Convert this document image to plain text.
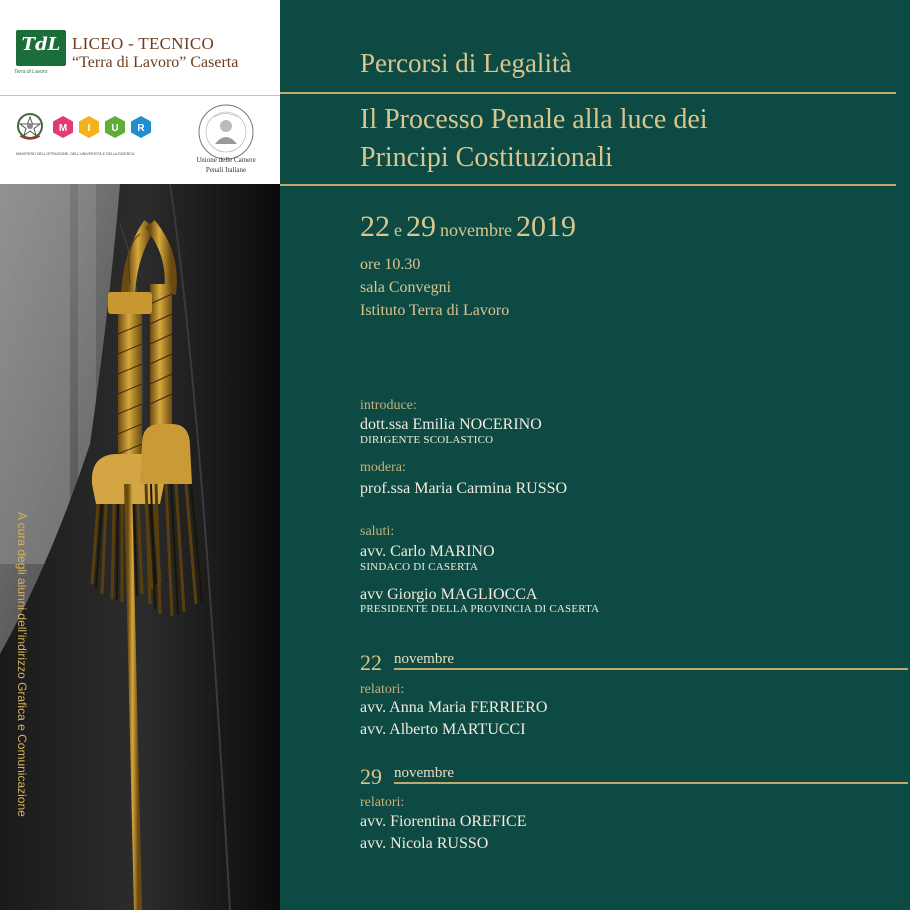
TdL
Terra di Lavoro
LICEO - TECNICO
“Terra di Lavoro” Caserta
M I U R
MINISTERO DELL'ISTRUZIONE, DELL'UNIVERSITÀ E DELLA RICERCA
Unione delle Camere
Penali Italiane
A cura degli alunni dell’indirizzo Grafica e Comunicazione
Percorsi di Legalità
Il Processo Penale alla luce dei
Principi Costituzionali
22 e 29 novembre 2019
ore 10.30
sala Convegni
Istituto Terra di Lavoro
introduce:
dott.ssa Emilia NOCERINO
DIRIGENTE SCOLASTICO
modera:
prof.ssa Maria Carmina RUSSO
saluti:
avv. Carlo MARINO
SINDACO DI CASERTA
avv Giorgio MAGLIOCCA
PRESIDENTE DELLA PROVINCIA DI CASERTA
22 novembre
relatori:
avv. Anna Maria FERRIERO
avv. Alberto MARTUCCI
29 novembre
relatori:
avv. Fiorentina OREFICE
avv. Nicola RUSSO
